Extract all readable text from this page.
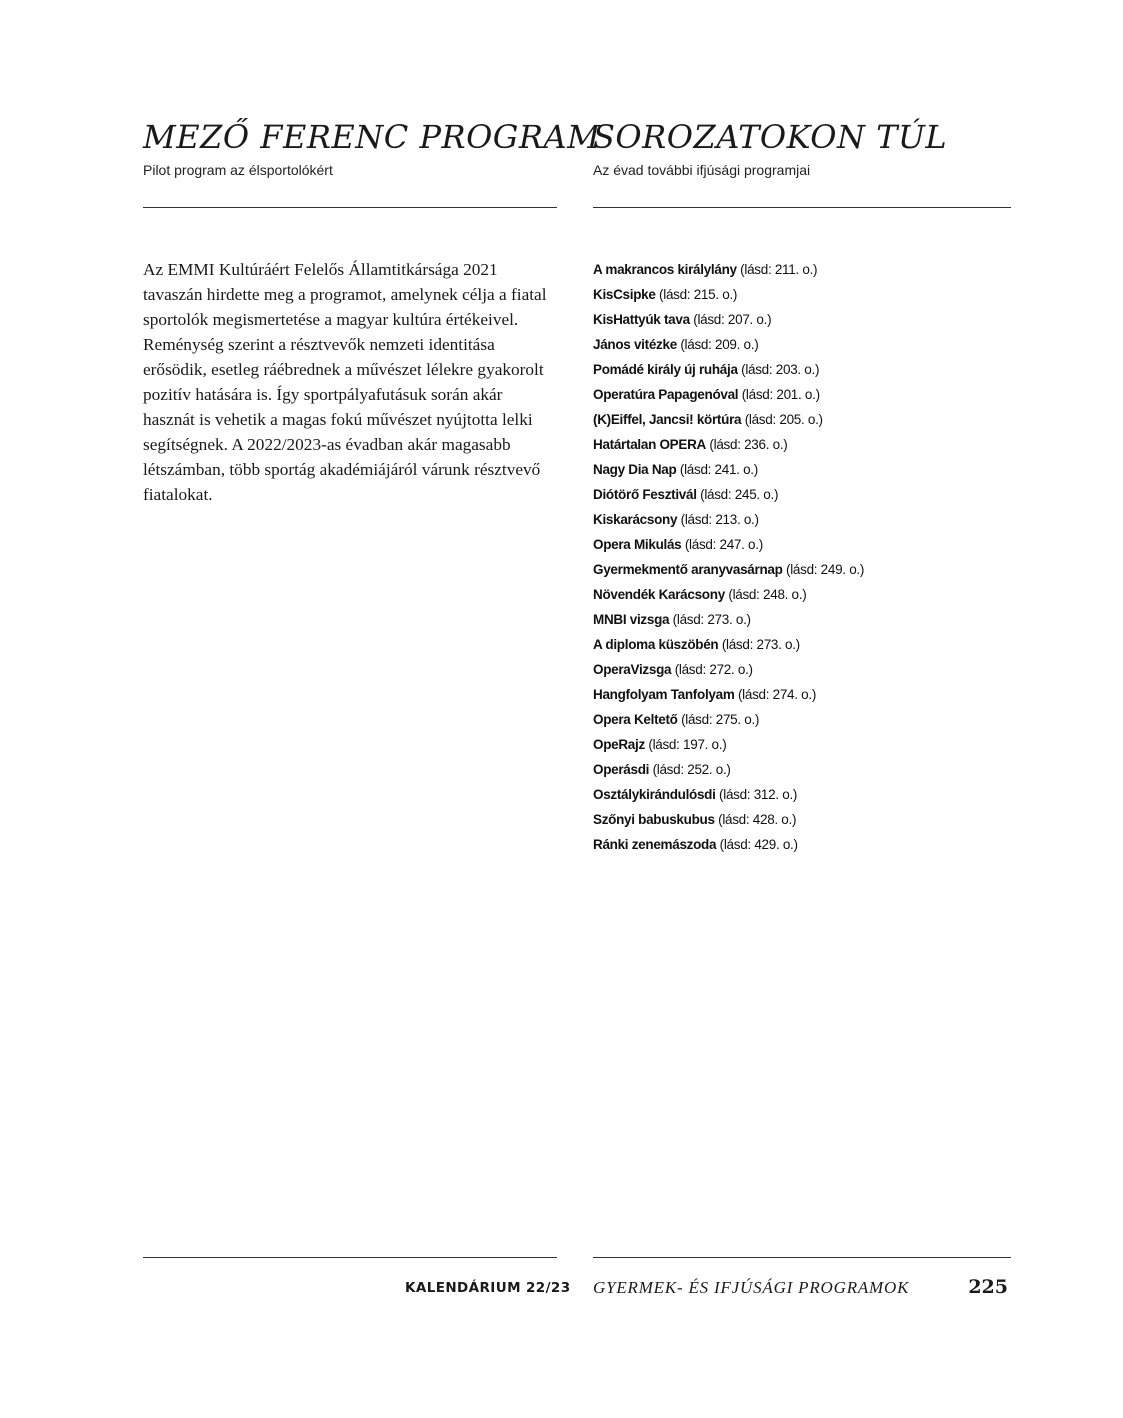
MEZŐ FERENC PROGRAM
Pilot program az élsportolókért

Az EMMI Kultúráért Felelős Államtitkársága 2021 tavaszán hirdette meg a programot, amelynek célja a fiatal sportolók megismertetése a magyar kultúra értékeivel. Reménység szerint a résztvevők nemzeti identitása erősödik, esetleg ráébrednek a művészet lélekre gyakorolt pozitív hatására is. Így sportpályafutásuk során akár hasznát is vehetik a magas fokú művészet nyújtotta lelki segítségnek. A 2022/2023-as évadban akár magasabb létszámban, több sportág akadémiájáról várunk résztvevő fiatalokat.

SOROZATOKON TÚL
Az évad további ifjúsági programjai
A makrancos királylány (lásd: 211. o.)
KisCsipke (lásd: 215. o.)
KisHattyúk tava (lásd: 207. o.)
János vitézke (lásd: 209. o.)
Pomádé király új ruhája (lásd: 203. o.)
Operatúra Papagenóval (lásd: 201. o.)
(K)Eiffel, Jancsi! körtúra (lásd: 205. o.)
Határtalan OPERA (lásd: 236. o.)
Nagy Dia Nap (lásd: 241. o.)
Diótörő Fesztivál (lásd: 245. o.)
Kiskarácsony (lásd: 213. o.)
Opera Mikulás (lásd: 247. o.)
Gyermekmentő aranyvasárnap (lásd: 249. o.)
Növendék Karácsony (lásd: 248. o.)
MNBI vizsga (lásd: 273. o.)
A diploma küszöbén (lásd: 273. o.)
OperaVizsga (lásd: 272. o.)
Hangfolyam Tanfolyam (lásd: 274. o.)
Opera Keltető (lásd: 275. o.)
OpeRajz (lásd: 197. o.)
Operásdi (lásd: 252. o.)
Osztálykirándulósdi (lásd: 312. o.)
Szőnyi babuskubus (lásd: 428. o.)
Ránki zenemászoda (lásd: 429. o.)
KALENDÁRIUM 22/23 GYERMEK- ÉS IFJÚSÁGI PROGRAMOK	225
